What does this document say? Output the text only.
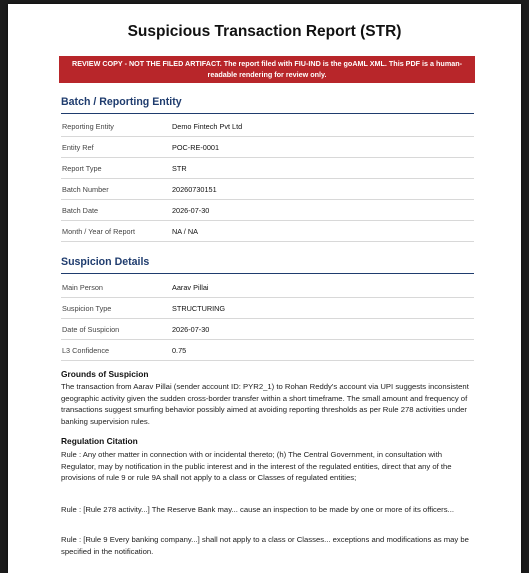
Suspicious Transaction Report (STR)
REVIEW COPY - NOT THE FILED ARTIFACT. The report filed with FIU-IND is the goAML XML. This PDF is a human-readable rendering for review only.
Batch / Reporting Entity
Reporting Entity	Demo Fintech Pvt Ltd
Entity Ref	POC-RE-0001
Report Type	STR
Batch Number	20260730151
Batch Date	2026-07-30
Month / Year of Report	NA / NA
Suspicion Details
Main Person	Aarav Pillai
Suspicion Type	STRUCTURING
Date of Suspicion	2026-07-30
L3 Confidence	0.75
Grounds of Suspicion
The transaction from Aarav Pillai (sender account ID: PYR2_1) to Rohan Reddy's account via UPI suggests inconsistent geographic activity given the sudden cross-border transfer within a short timeframe. The small amount and frequency of transactions suggest smurfing behavior possibly aimed at avoiding reporting thresholds as per Rule 278 activities under banking supervision rules.
Regulation Citation
Rule : Any other matter in connection with or incidental thereto; (h) The Central Government, in consultation with Regulator, may by notification in the public interest and in the interest of the regulated entities, direct that any of the provisions of rule 9 or rule 9A shall not apply to a class or Classes of regulated entities;
Rule : [Rule 278 activity...] The Reserve Bank may... cause an inspection to be made by one or more of its officers...
Rule : [Rule 9 Every banking company...] shall not apply to a class or Classes... exceptions and modifications as may be specified in the notification.
